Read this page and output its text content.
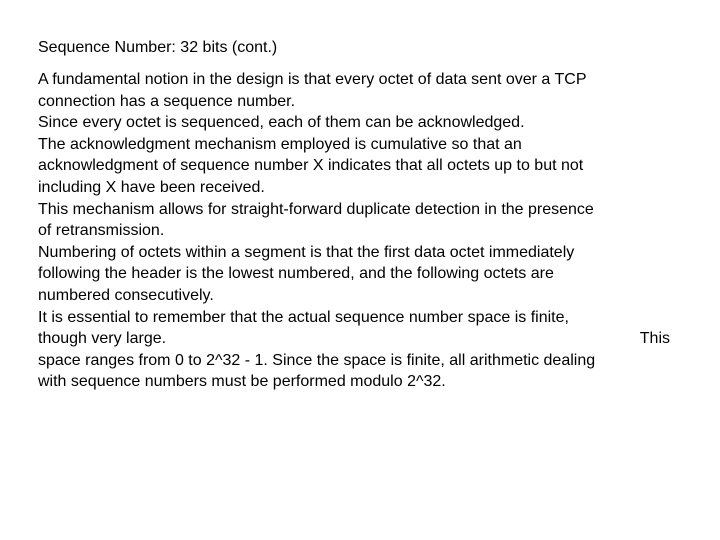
Sequence Number: 32 bits (cont.)

A fundamental notion in the design is that every octet of data sent over a TCP
connection has a sequence number.

Since every octet is sequenced, each of them can be acknowledged.

The acknowledgment mechanism employed is cumulative so that an
acknowledgment of sequence number X indicates that all octets up to but not
including X have been received.

This mechanism allows for straight-forward duplicate detection in the presence
of retransmission.

Numbering of octets within a segment is that the first data octet immediately
following the header is the lowest numbered, and the following octets are
numbered consecutively.

It is essential to remember that the actual sequence number space is finite,
though very large.	This
space ranges from 0 to 2^32 - 1. Since the space is finite, all arithmetic dealing
with sequence numbers must be performed modulo 2^32.
